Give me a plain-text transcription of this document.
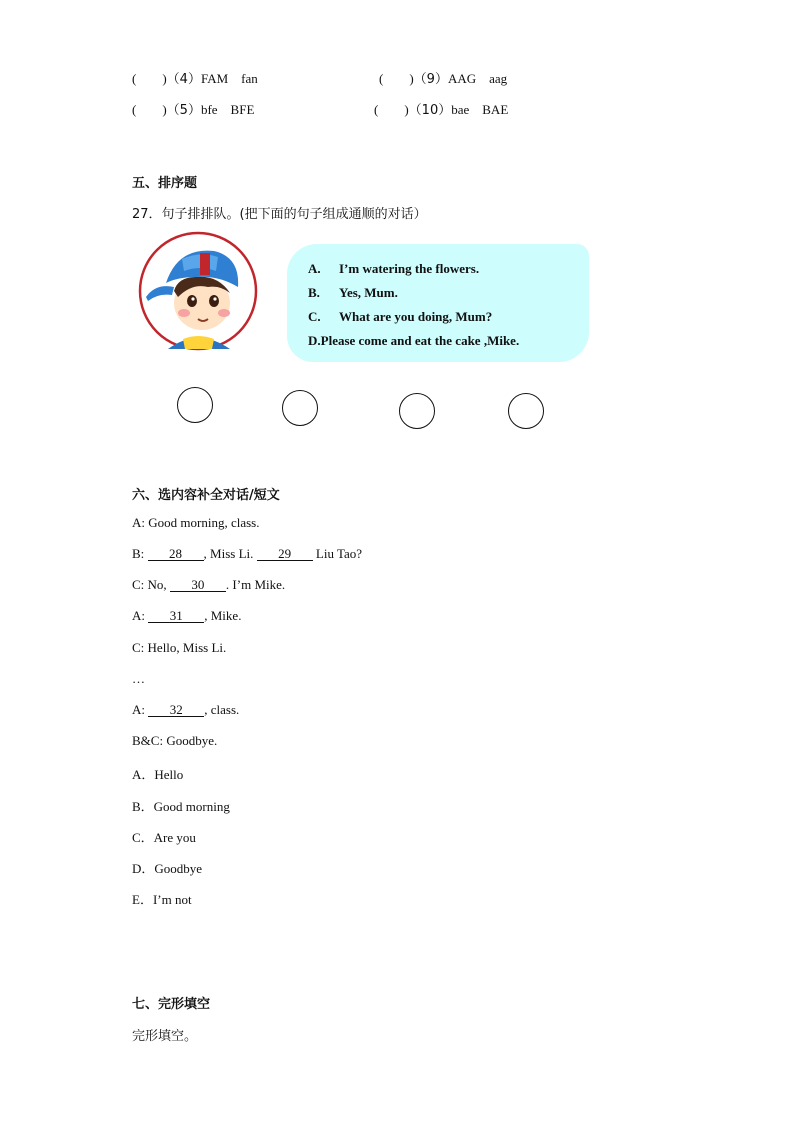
(　　)（4）FAM　fan
(　　)（5）bfe　BFE
(　　)（9）AAG　aag
(　　)（10）bae　BAE
五、排序题
27．句子排排队。(把下面的句子组成通顺的对话）
A. I’m watering the flowers.
B. Yes, Mum.
C. What are you doing, Mum?
D.Please come and eat the cake ,Mike.
六、选内容补全对话/短文
A: Good morning, class.
B: 28 , Miss Li. 29 Liu Tao?
C: No, 30 . I’m Mike.
A: 31 , Mike.
C: Hello, Miss Li.
…
A: 32 , class.
B&C: Goodbye.
A．Hello
B．Good morning
C．Are you
D．Goodbye
E．I’m not
七、完形填空
完形填空。
